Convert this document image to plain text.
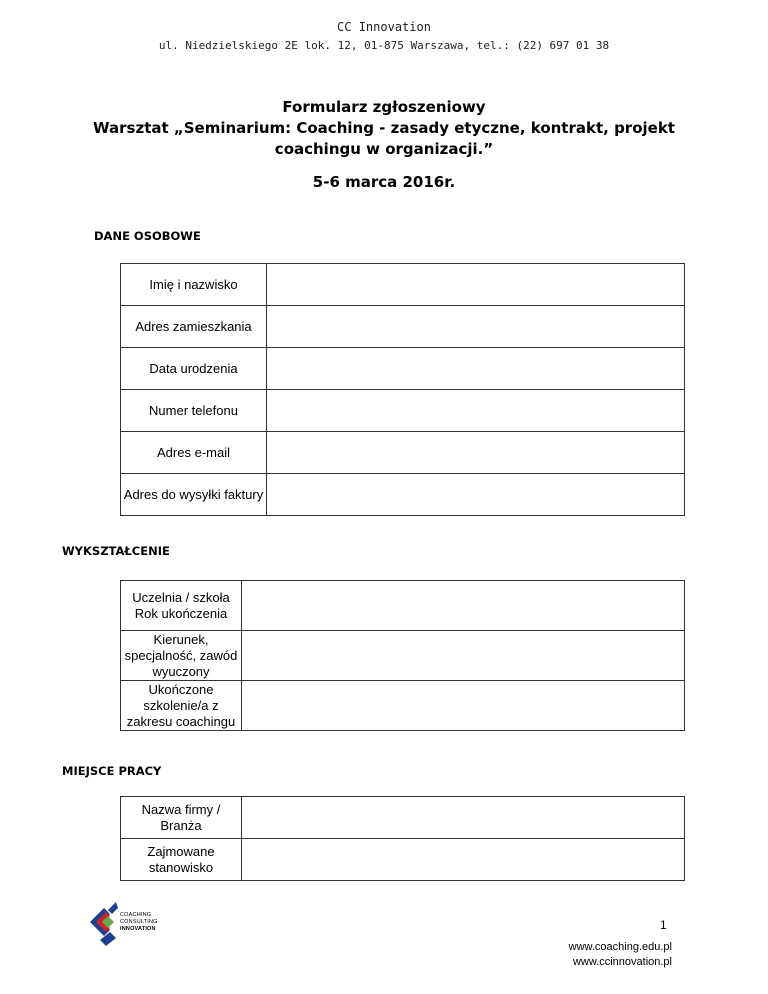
CC Innovation
ul. Niedzielskiego 2E lok. 12, 01-875 Warszawa, tel.: (22) 697 01 38
Formularz zgłoszeniowy
Warsztat „Seminarium: Coaching - zasady etyczne, kontrakt, projekt
coachingu w organizacji.”
5-6 marca 2016r.
DANE OSOBOWE
Imię i nazwisko	
Adres zamieszkania	
Data urodzenia	
Numer telefonu	
Adres e-mail	
Adres do wysyłki faktury	
WYKSZTAŁCENIE
Uczelnia / szkoła Rok ukończenia	
Kierunek, specjalność, zawód wyuczony	
Ukończone szkolenie/a z zakresu coachingu	
MIEJSCE PRACY
Nazwa firmy / Branża	
Zajmowane stanowisko	
COACHING
CONSULTING
INNOVATION	1
www.coaching.edu.pl
www.ccinnovation.pl
